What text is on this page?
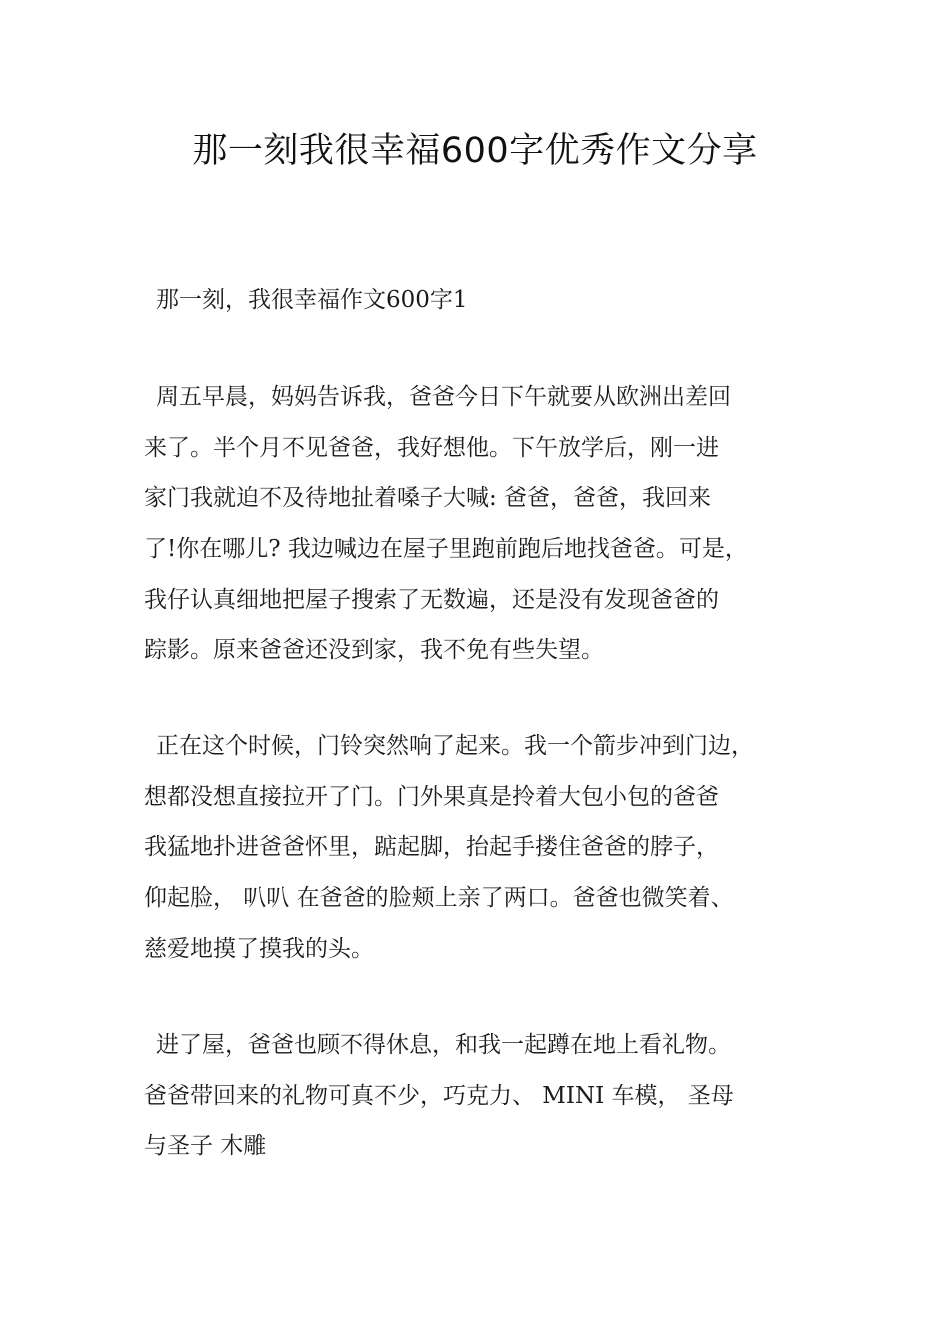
那一刻我很幸福600字优秀作文分享

那一刻，我很幸福作文600字1

周五早晨，妈妈告诉我，爸爸今日下午就要从欧洲出差回
来了。半个月不见爸爸，我好想他。下午放学后，刚一进
家门我就迫不及待地扯着嗓子大喊: 爸爸，爸爸，我回来
了!你在哪儿? 我边喊边在屋子里跑前跑后地找爸爸。可是，
我仔认真细地把屋子搜索了无数遍，还是没有发现爸爸的
踪影。原来爸爸还没到家，我不免有些失望。

正在这个时候，门铃突然响了起来。我一个箭步冲到门边，
想都没想直接拉开了门。门外果真是拎着大包小包的爸爸
我猛地扑进爸爸怀里，踮起脚，抬起手搂住爸爸的脖子，
仰起脸， 叭叭 在爸爸的脸颊上亲了两口。爸爸也微笑着、
慈爱地摸了摸我的头。

进了屋，爸爸也顾不得休息，和我一起蹲在地上看礼物。
爸爸带回来的礼物可真不少，巧克力、 MINI 车模， 圣母
与圣子 木雕
